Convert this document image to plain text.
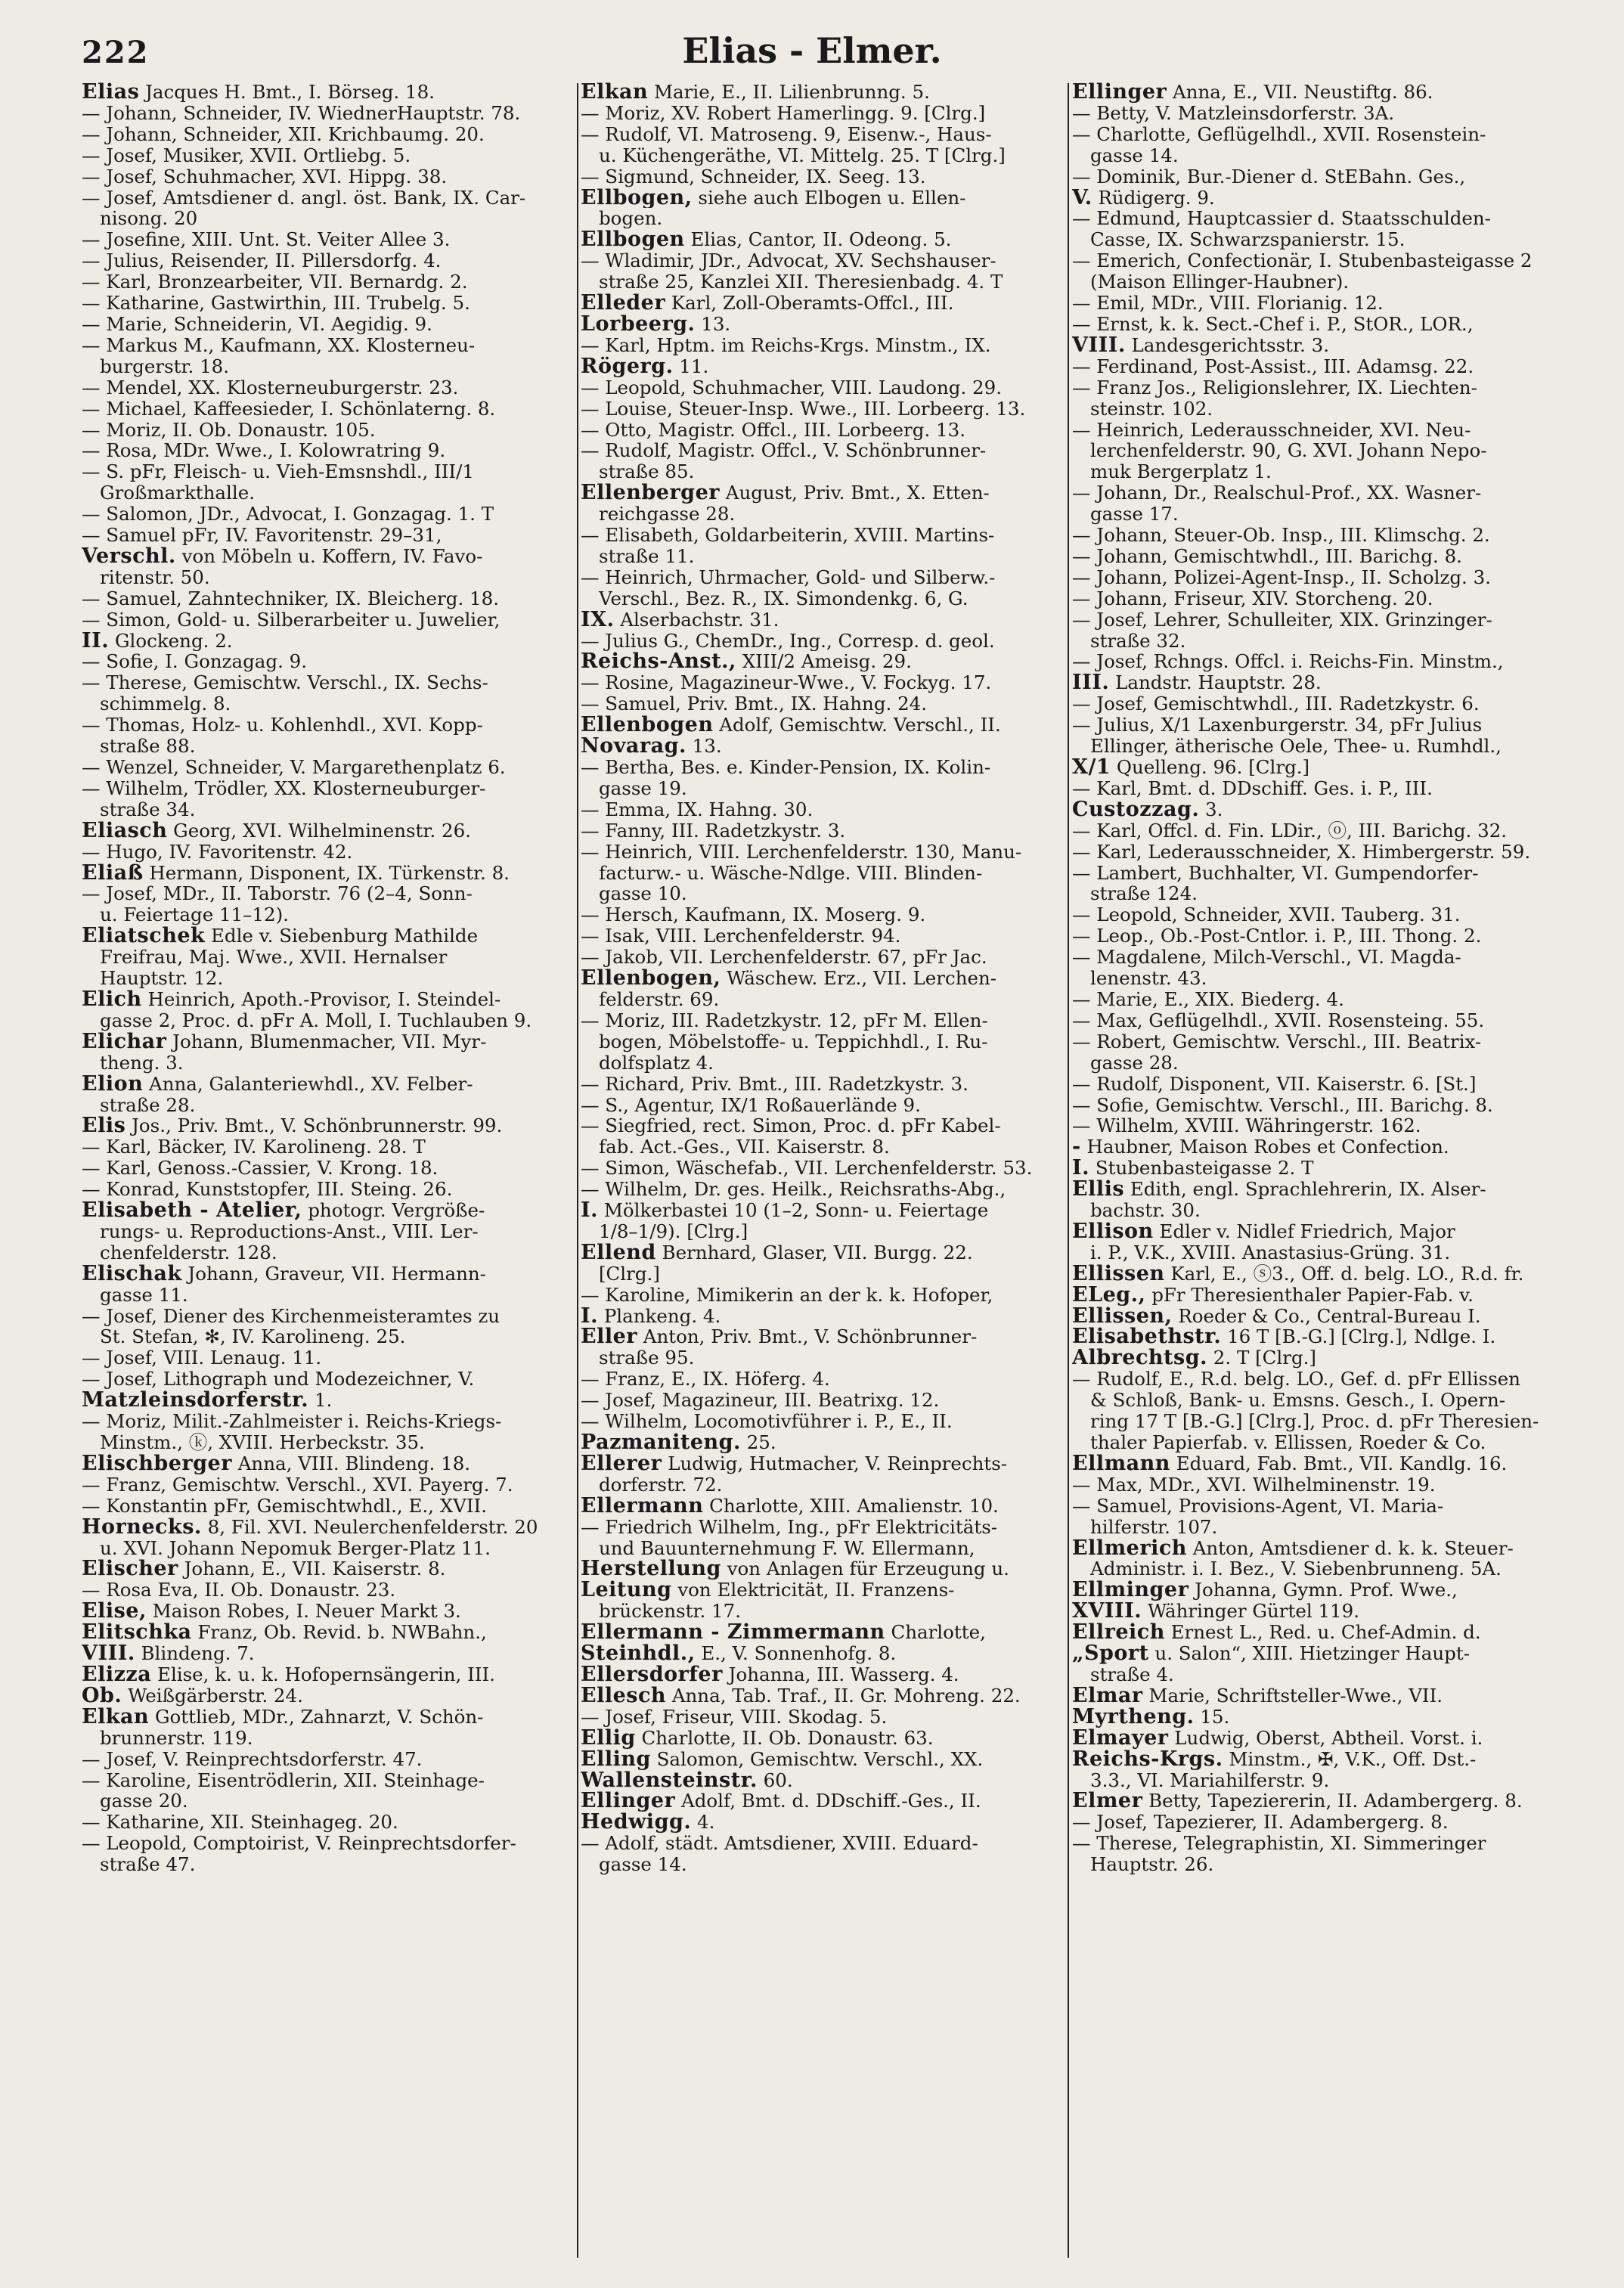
222	Elias - Elmer.
Elias Jacques H. Bmt., I. Börseg. 18.
— Johann, Schneider, IV. WiednerHauptstr. 78.
— Johann, Schneider, XII. Krichbaumg. 20.
— Josef, Musiker, XVII. Ortliebg. 5.
— Josef, Schuhmacher, XVI. Hippg. 38.
— Josef, Amtsdiener d. angl. öst. Bank, IX. Car-
nisong. 20
— Josefine, XIII. Unt. St. Veiter Allee 3.
— Julius, Reisender, II. Pillersdorfg. 4.
— Karl, Bronzearbeiter, VII. Bernardg. 2.
— Katharine, Gastwirthin, III. Trubelg. 5.
— Marie, Schneiderin, VI. Aegidig. 9.
— Markus M., Kaufmann, XX. Klosterneu-
burgerstr. 18.
— Mendel, XX. Klosterneuburgerstr. 23.
— Michael, Kaffeesieder, I. Schönlaterng. 8.
— Moriz, II. Ob. Donaustr. 105.
— Rosa, MDr. Wwe., I. Kolowratring 9.
— S. pFr, Fleisch- u. Vieh-Emsnshdl., III/1
Großmarkthalle.
— Salomon, JDr., Advocat, I. Gonzagag. 1. T
— Samuel pFr, IV. Favoritenstr. 29–31,
Verschl. von Möbeln u. Koffern, IV. Favo-
ritenstr. 50.
— Samuel, Zahntechniker, IX. Bleicherg. 18.
— Simon, Gold- u. Silberarbeiter u. Juwelier,
II. Glockeng. 2.
— Sofie, I. Gonzagag. 9.
— Therese, Gemischtw. Verschl., IX. Sechs-
schimmelg. 8.
— Thomas, Holz- u. Kohlenhdl., XVI. Kopp-
straße 88.
— Wenzel, Schneider, V. Margarethenplatz 6.
— Wilhelm, Trödler, XX. Klosterneuburger-
straße 34.
Eliasch Georg, XVI. Wilhelminenstr. 26.
— Hugo, IV. Favoritenstr. 42.
Eliaß Hermann, Disponent, IX. Türkenstr. 8.
— Josef, MDr., II. Taborstr. 76 (2–4, Sonn-
u. Feiertage 11–12).
Eliatschek Edle v. Siebenburg Mathilde
Freifrau, Maj. Wwe., XVII. Hernalser
Hauptstr. 12.
Elich Heinrich, Apoth.-Provisor, I. Steindel-
gasse 2, Proc. d. pFr A. Moll, I. Tuchlauben 9.
Elichar Johann, Blumenmacher, VII. Myr-
theng. 3.
Elion Anna, Galanteriewhdl., XV. Felber-
straße 28.
Elis Jos., Priv. Bmt., V. Schönbrunnerstr. 99.
— Karl, Bäcker, IV. Karolineng. 28. T
— Karl, Genoss.-Cassier, V. Krong. 18.
— Konrad, Kunststopfer, III. Steing. 26.
Elisabeth - Atelier, photogr. Vergröße-
rungs- u. Reproductions-Anst., VIII. Ler-
chenfelderstr. 128.
Elischak Johann, Graveur, VII. Hermann-
gasse 11.
— Josef, Diener des Kirchenmeisteramtes zu
St. Stefan, ✻, IV. Karolineng. 25.
— Josef, VIII. Lenaug. 11.
— Josef, Lithograph und Modezeichner, V.
Matzleinsdorferstr. 1.
— Moriz, Milit.-Zahlmeister i. Reichs-Kriegs-
Minstm., ⓚ, XVIII. Herbeckstr. 35.
Elischberger Anna, VIII. Blindeng. 18.
— Franz, Gemischtw. Verschl., XVI. Payerg. 7.
— Konstantin pFr, Gemischtwhdl., E., XVII.
Hornecks. 8, Fil. XVI. Neulerchenfelderstr. 20
u. XVI. Johann Nepomuk Berger-Platz 11.
Elischer Johann, E., VII. Kaiserstr. 8.
— Rosa Eva, II. Ob. Donaustr. 23.
Elise, Maison Robes, I. Neuer Markt 3.
Elitschka Franz, Ob. Revid. b. NWBahn.,
VIII. Blindeng. 7.
Elizza Elise, k. u. k. Hofopernsängerin, III.
Ob. Weißgärberstr. 24.
Elkan Gottlieb, MDr., Zahnarzt, V. Schön-
brunnerstr. 119.
— Josef, V. Reinprechtsdorferstr. 47.
— Karoline, Eisentrödlerin, XII. Steinhage-
gasse 20.
— Katharine, XII. Steinhageg. 20.
— Leopold, Comptoirist, V. Reinprechtsdorfer-
straße 47.
Elkan Marie, E., II. Lilienbrunng. 5.
— Moriz, XV. Robert Hamerlingg. 9. [Clrg.]
— Rudolf, VI. Matroseng. 9, Eisenw.-, Haus-
u. Küchengeräthe, VI. Mittelg. 25. T [Clrg.]
— Sigmund, Schneider, IX. Seeg. 13.
Ellbogen, siehe auch Elbogen u. Ellen-
bogen.
Ellbogen Elias, Cantor, II. Odeong. 5.
— Wladimir, JDr., Advocat, XV. Sechshauser-
straße 25, Kanzlei XII. Theresienbadg. 4. T
Elleder Karl, Zoll-Oberamts-Offcl., III.
Lorbeerg. 13.
— Karl, Hptm. im Reichs-Krgs. Minstm., IX.
Rögerg. 11.
— Leopold, Schuhmacher, VIII. Laudong. 29.
— Louise, Steuer-Insp. Wwe., III. Lorbeerg. 13.
— Otto, Magistr. Offcl., III. Lorbeerg. 13.
— Rudolf, Magistr. Offcl., V. Schönbrunner-
straße 85.
Ellenberger August, Priv. Bmt., X. Etten-
reichgasse 28.
— Elisabeth, Goldarbeiterin, XVIII. Martins-
straße 11.
— Heinrich, Uhrmacher, Gold- und Silberw.-
Verschl., Bez. R., IX. Simondenkg. 6, G.
IX. Alserbachstr. 31.
— Julius G., ChemDr., Ing., Corresp. d. geol.
Reichs-Anst., XIII/2 Ameisg. 29.
— Rosine, Magazineur-Wwe., V. Fockyg. 17.
— Samuel, Priv. Bmt., IX. Hahng. 24.
Ellenbogen Adolf, Gemischtw. Verschl., II.
Novarag. 13.
— Bertha, Bes. e. Kinder-Pension, IX. Kolin-
gasse 19.
— Emma, IX. Hahng. 30.
— Fanny, III. Radetzkystr. 3.
— Heinrich, VIII. Lerchenfelderstr. 130, Manu-
facturw.- u. Wäsche-Ndlge. VIII. Blinden-
gasse 10.
— Hersch, Kaufmann, IX. Moserg. 9.
— Isak, VIII. Lerchenfelderstr. 94.
— Jakob, VII. Lerchenfelderstr. 67, pFr Jac.
Ellenbogen, Wäschew. Erz., VII. Lerchen-
felderstr. 69.
— Moriz, III. Radetzkystr. 12, pFr M. Ellen-
bogen, Möbelstoffe- u. Teppichhdl., I. Ru-
dolfsplatz 4.
— Richard, Priv. Bmt., III. Radetzkystr. 3.
— S., Agentur, IX/1 Roßauerlände 9.
— Siegfried, rect. Simon, Proc. d. pFr Kabel-
fab. Act.-Ges., VII. Kaiserstr. 8.
— Simon, Wäschefab., VII. Lerchenfelderstr. 53.
— Wilhelm, Dr. ges. Heilk., Reichsraths-Abg.,
I. Mölkerbastei 10 (1–2, Sonn- u. Feiertage
1/8–1/9). [Clrg.]
Ellend Bernhard, Glaser, VII. Burgg. 22.
[Clrg.]
— Karoline, Mimikerin an der k. k. Hofoper,
I. Plankeng. 4.
Eller Anton, Priv. Bmt., V. Schönbrunner-
straße 95.
— Franz, E., IX. Höferg. 4.
— Josef, Magazineur, III. Beatrixg. 12.
— Wilhelm, Locomotivführer i. P., E., II.
Pazmaniteng. 25.
Ellerer Ludwig, Hutmacher, V. Reinprechts-
dorferstr. 72.
Ellermann Charlotte, XIII. Amalienstr. 10.
— Friedrich Wilhelm, Ing., pFr Elektricitäts-
und Bauunternehmung F. W. Ellermann,
Herstellung von Anlagen für Erzeugung u.
Leitung von Elektricität, II. Franzens-
brückenstr. 17.
Ellermann - Zimmermann Charlotte,
Steinhdl., E., V. Sonnenhofg. 8.
Ellersdorfer Johanna, III. Wasserg. 4.
Ellesch Anna, Tab. Traf., II. Gr. Mohreng. 22.
— Josef, Friseur, VIII. Skodag. 5.
Ellig Charlotte, II. Ob. Donaustr. 63.
Elling Salomon, Gemischtw. Verschl., XX.
Wallensteinstr. 60.
Ellinger Adolf, Bmt. d. DDschiff.-Ges., II.
Hedwigg. 4.
— Adolf, städt. Amtsdiener, XVIII. Eduard-
gasse 14.
Ellinger Anna, E., VII. Neustiftg. 86.
— Betty, V. Matzleinsdorferstr. 3A.
— Charlotte, Geflügelhdl., XVII. Rosenstein-
gasse 14.
— Dominik, Bur.-Diener d. StEBahn. Ges.,
V. Rüdigerg. 9.
— Edmund, Hauptcassier d. Staatsschulden-
Casse, IX. Schwarzspanierstr. 15.
— Emerich, Confectionär, I. Stubenbasteigasse 2
(Maison Ellinger-Haubner).
— Emil, MDr., VIII. Florianig. 12.
— Ernst, k. k. Sect.-Chef i. P., StOR., LOR.,
VIII. Landesgerichtsstr. 3.
— Ferdinand, Post-Assist., III. Adamsg. 22.
— Franz Jos., Religionslehrer, IX. Liechten-
steinstr. 102.
— Heinrich, Lederausschneider, XVI. Neu-
lerchenfelderstr. 90, G. XVI. Johann Nepo-
muk Bergerplatz 1.
— Johann, Dr., Realschul-Prof., XX. Wasner-
gasse 17.
— Johann, Steuer-Ob. Insp., III. Klimschg. 2.
— Johann, Gemischtwhdl., III. Barichg. 8.
— Johann, Polizei-Agent-Insp., II. Scholzg. 3.
— Johann, Friseur, XIV. Storcheng. 20.
— Josef, Lehrer, Schulleiter, XIX. Grinzinger-
straße 32.
— Josef, Rchngs. Offcl. i. Reichs-Fin. Minstm.,
III. Landstr. Hauptstr. 28.
— Josef, Gemischtwhdl., III. Radetzkystr. 6.
— Julius, X/1 Laxenburgerstr. 34, pFr Julius
Ellinger, ätherische Oele, Thee- u. Rumhdl.,
X/1 Quelleng. 96. [Clrg.]
— Karl, Bmt. d. DDschiff. Ges. i. P., III.
Custozzag. 3.
— Karl, Offcl. d. Fin. LDir., ⓞ, III. Barichg. 32.
— Karl, Lederausschneider, X. Himbergerstr. 59.
— Lambert, Buchhalter, VI. Gumpendorfer-
straße 124.
— Leopold, Schneider, XVII. Tauberg. 31.
— Leop., Ob.-Post-Cntlor. i. P., III. Thong. 2.
— Magdalene, Milch-Verschl., VI. Magda-
lenenstr. 43.
— Marie, E., XIX. Biederg. 4.
— Max, Geflügelhdl., XVII. Rosensteing. 55.
— Robert, Gemischtw. Verschl., III. Beatrix-
gasse 28.
— Rudolf, Disponent, VII. Kaiserstr. 6. [St.]
— Sofie, Gemischtw. Verschl., III. Barichg. 8.
— Wilhelm, XVIII. Währingerstr. 162.
- Haubner, Maison Robes et Confection.
I. Stubenbasteigasse 2. T
Ellis Edith, engl. Sprachlehrerin, IX. Alser-
bachstr. 30.
Ellison Edler v. Nidlef Friedrich, Major
i. P., V.K., XVIII. Anastasius-Grüng. 31.
Ellissen Karl, E., ⓢ3., Off. d. belg. LO., R.d. fr.
ELeg., pFr Theresienthaler Papier-Fab. v.
Ellissen, Roeder & Co., Central-Bureau I.
Elisabethstr. 16 T [B.-G.] [Clrg.], Ndlge. I.
Albrechtsg. 2. T [Clrg.]
— Rudolf, E., R.d. belg. LO., Gef. d. pFr Ellissen
& Schloß, Bank- u. Emsns. Gesch., I. Opern-
ring 17 T [B.-G.] [Clrg.], Proc. d. pFr Theresien-
thaler Papierfab. v. Ellissen, Roeder & Co.
Ellmann Eduard, Fab. Bmt., VII. Kandlg. 16.
— Max, MDr., XVI. Wilhelminenstr. 19.
— Samuel, Provisions-Agent, VI. Maria-
hilferstr. 107.
Ellmerich Anton, Amtsdiener d. k. k. Steuer-
Administr. i. I. Bez., V. Siebenbrunneng. 5A.
Ellminger Johanna, Gymn. Prof. Wwe.,
XVIII. Währinger Gürtel 119.
Ellreich Ernest L., Red. u. Chef-Admin. d.
„Sport u. Salon“, XIII. Hietzinger Haupt-
straße 4.
Elmar Marie, Schriftsteller-Wwe., VII.
Myrtheng. 15.
Elmayer Ludwig, Oberst, Abtheil. Vorst. i.
Reichs-Krgs. Minstm., ✠, V.K., Off. Dst.-
3.3., VI. Mariahilferstr. 9.
Elmer Betty, Tapeziererin, II. Adambergerg. 8.
— Josef, Tapezierer, II. Adambergerg. 8.
— Therese, Telegraphistin, XI. Simmeringer
Hauptstr. 26.
